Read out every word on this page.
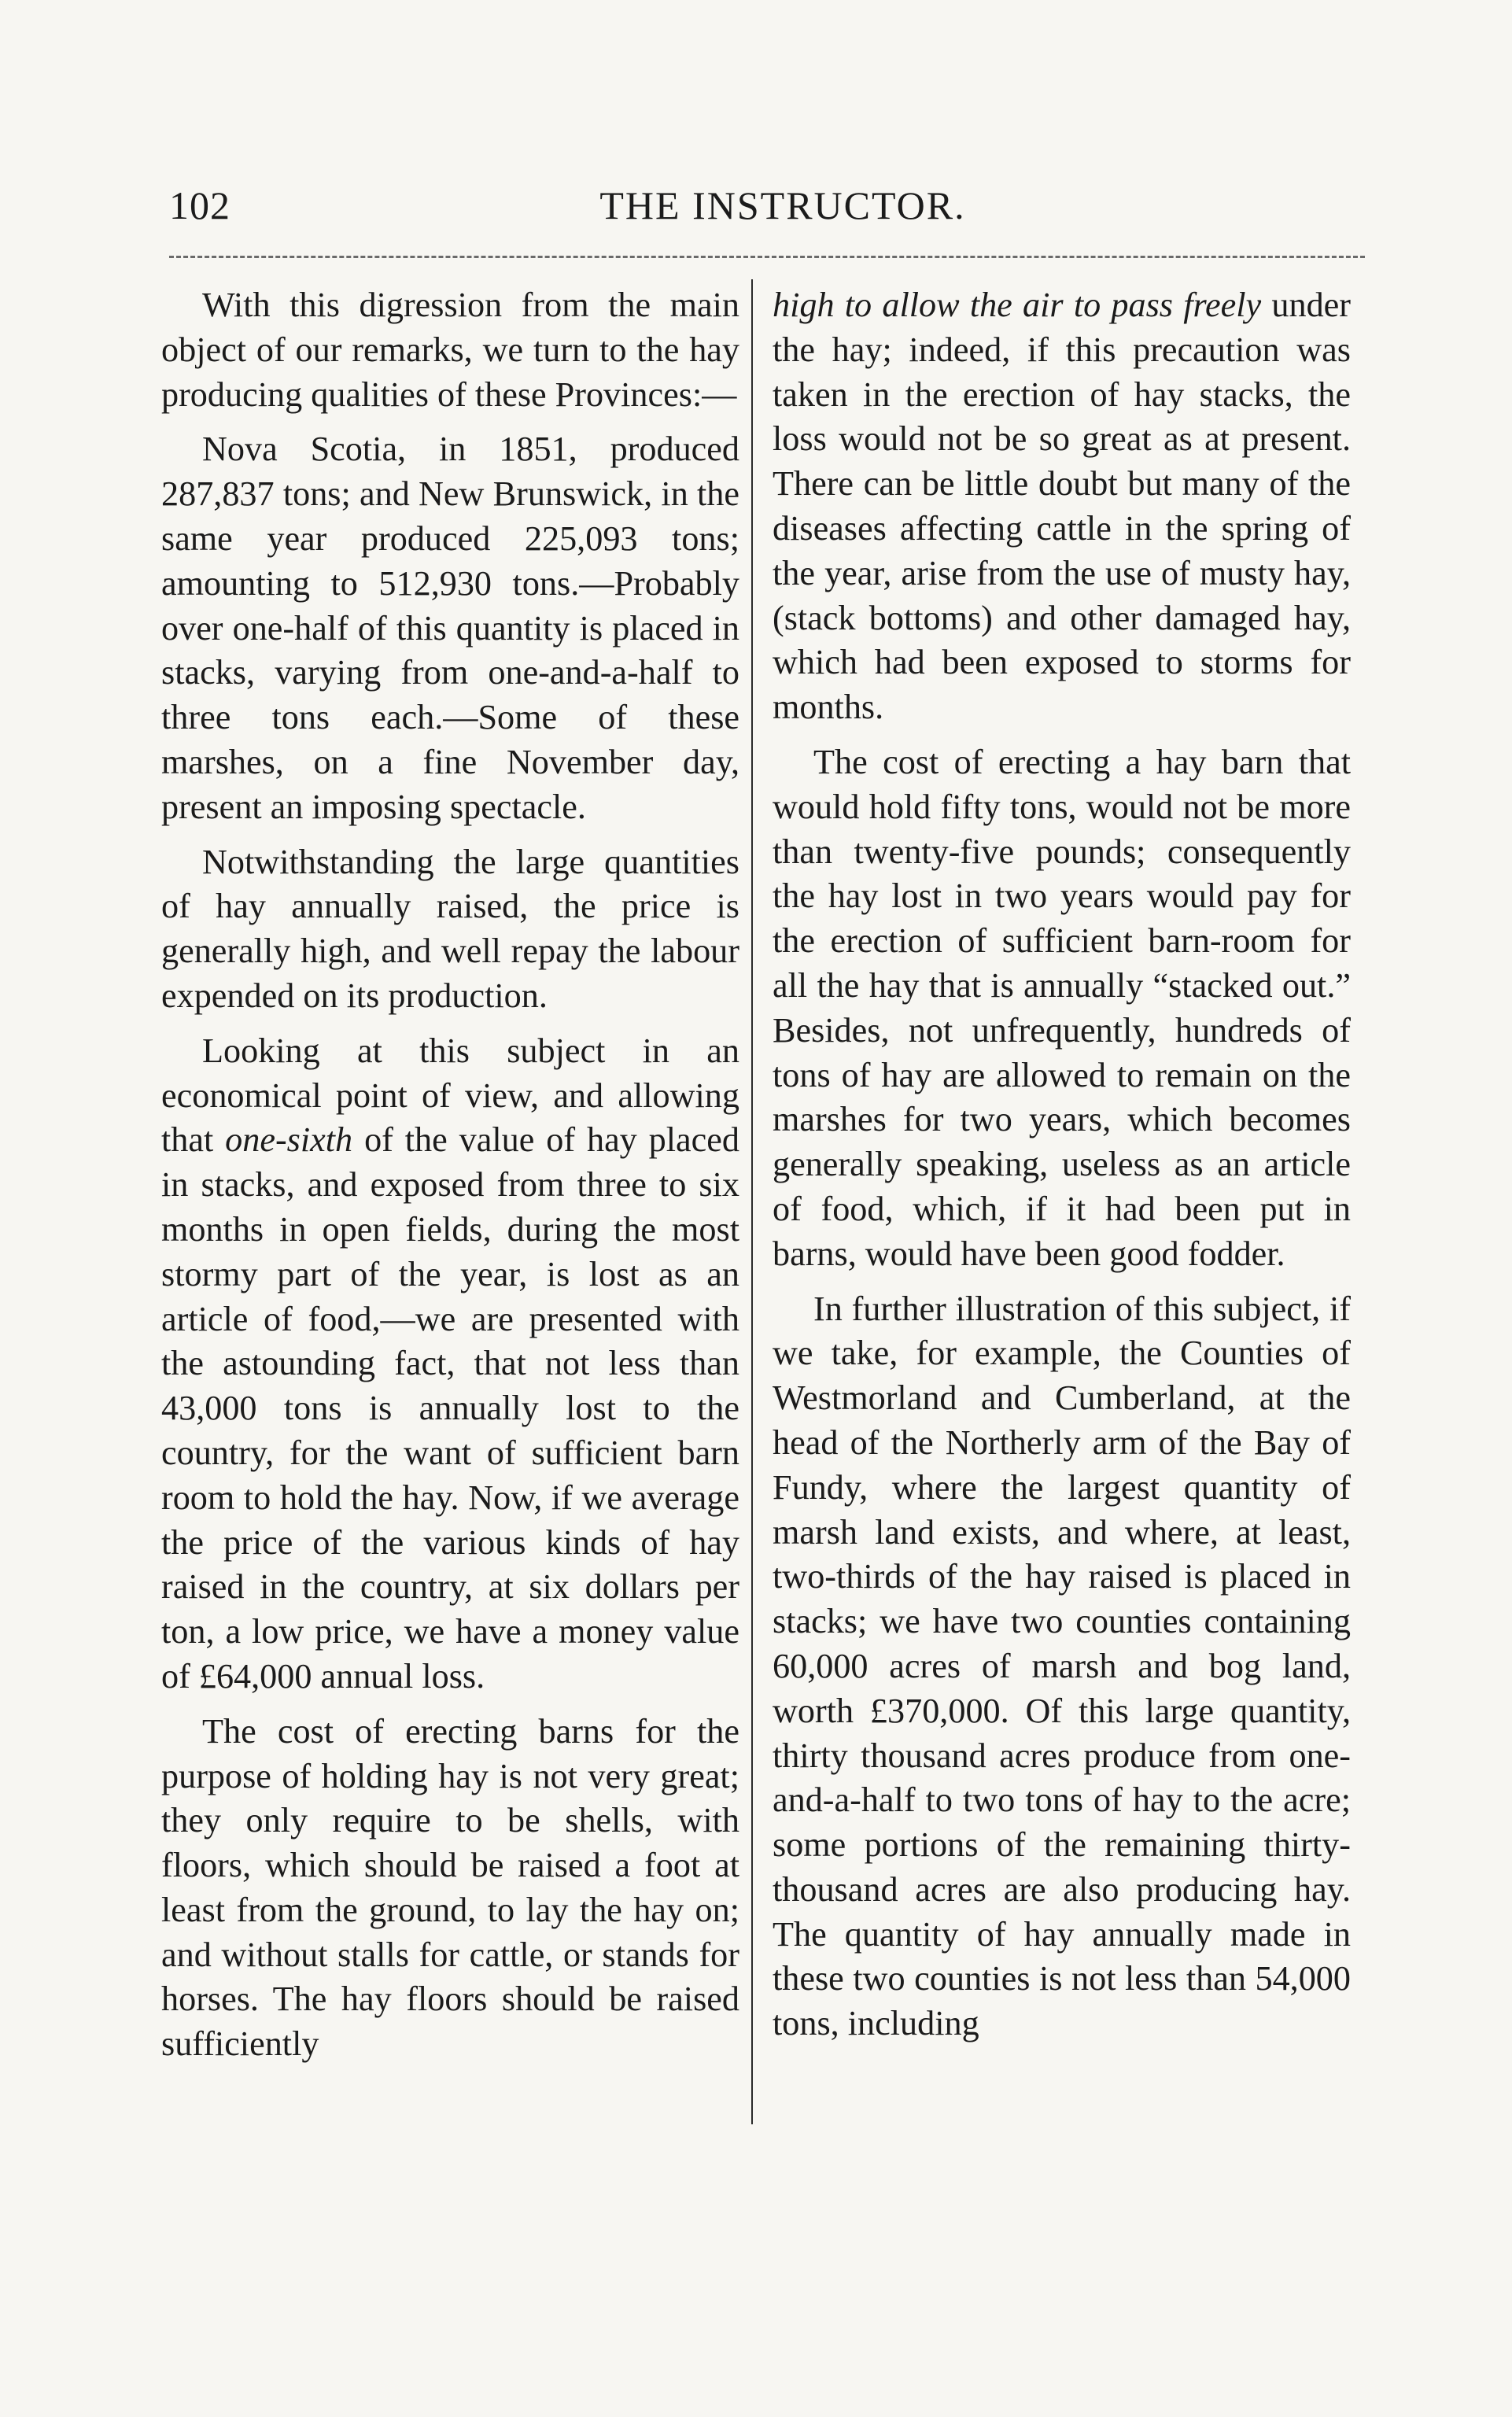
102	THE INSTRUCTOR.

With this digression from the main object of our remarks, we turn to the hay producing qualities of these Provinces:—

Nova Scotia, in 1851, produced 287,837 tons; and New Brunswick, in the same year produced 225,093 tons; amounting to 512,930 tons.—Probably over one-half of this quantity is placed in stacks, varying from one-and-a-half to three tons each.—Some of these marshes, on a fine November day, present an imposing spectacle.

Notwithstanding the large quantities of hay annually raised, the price is generally high, and well repay the labour expended on its production.

Looking at this subject in an economical point of view, and allowing that one-sixth of the value of hay placed in stacks, and exposed from three to six months in open fields, during the most stormy part of the year, is lost as an article of food,—we are presented with the astounding fact, that not less than 43,000 tons is annually lost to the country, for the want of sufficient barn room to hold the hay. Now, if we average the price of the various kinds of hay raised in the country, at six dollars per ton, a low price, we have a money value of £64,000 annual loss.

The cost of erecting barns for the purpose of holding hay is not very great; they only require to be shells, with floors, which should be raised a foot at least from the ground, to lay the hay on; and without stalls for cattle, or stands for horses. The hay floors should be raised sufficiently

high to allow the air to pass freely under the hay; indeed, if this precaution was taken in the erection of hay stacks, the loss would not be so great as at present. There can be little doubt but many of the diseases affecting cattle in the spring of the year, arise from the use of musty hay, (stack bottoms) and other damaged hay, which had been exposed to storms for months.

The cost of erecting a hay barn that would hold fifty tons, would not be more than twenty-five pounds; consequently the hay lost in two years would pay for the erection of sufficient barn-room for all the hay that is annually “stacked out.” Besides, not unfrequently, hundreds of tons of hay are allowed to remain on the marshes for two years, which becomes generally speaking, useless as an article of food, which, if it had been put in barns, would have been good fodder.

In further illustration of this subject, if we take, for example, the Counties of Westmorland and Cumberland, at the head of the Northerly arm of the Bay of Fundy, where the largest quantity of marsh land exists, and where, at least, two-thirds of the hay raised is placed in stacks; we have two counties containing 60,000 acres of marsh and bog land, worth £370,000. Of this large quantity, thirty thousand acres produce from one-and-a-half to two tons of hay to the acre; some portions of the remaining thirty-thousand acres are also producing hay. The quantity of hay annually made in these two counties is not less than 54,000 tons, including
